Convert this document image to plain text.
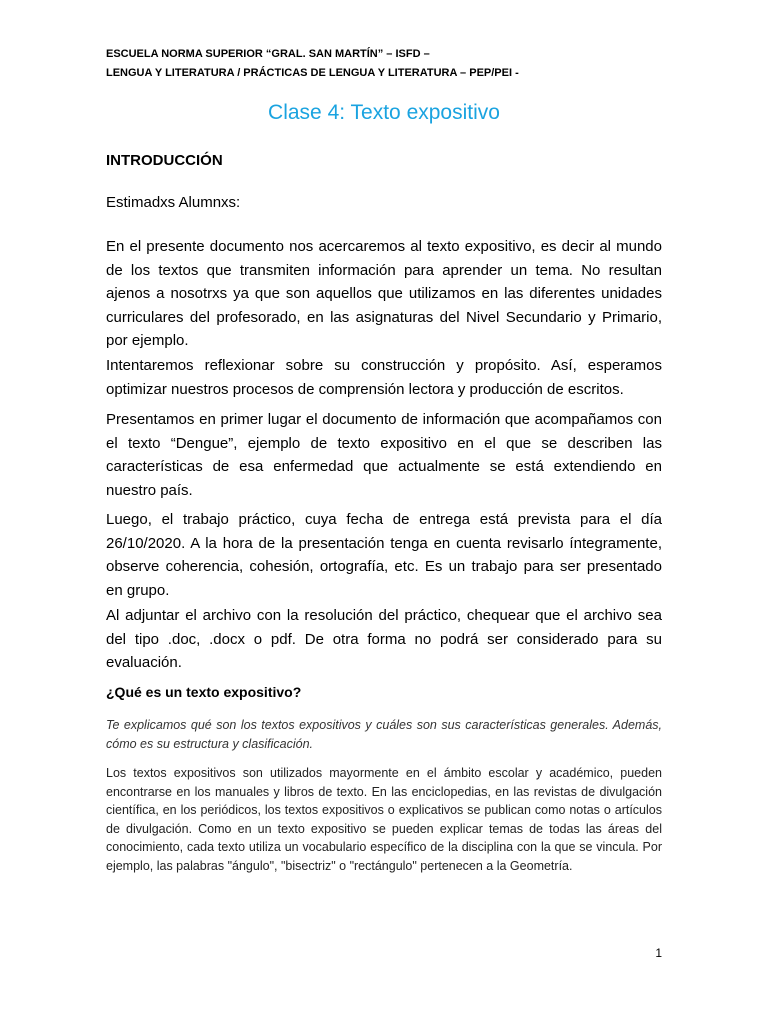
ESCUELA NORMA SUPERIOR “GRAL. SAN MARTÍN” – ISFD –
LENGUA Y LITERATURA / PRÁCTICAS DE LENGUA Y LITERATURA – PEP/PEI -
Clase 4: Texto expositivo
INTRODUCCIÓN
Estimadxs Alumnxs:

En el presente documento nos acercaremos al texto expositivo, es decir al mundo de los textos que transmiten información para aprender un tema. No resultan ajenos a nosotrxs ya que son aquellos que utilizamos en las diferentes unidades curriculares del profesorado, en las asignaturas del Nivel Secundario y Primario, por ejemplo.

Intentaremos reflexionar sobre su construcción y propósito. Así, esperamos optimizar nuestros procesos de comprensión lectora y producción de escritos.

Presentamos en primer lugar el documento de información que acompañamos con el texto “Dengue”, ejemplo de texto expositivo en el que se describen las características de esa enfermedad que actualmente se está extendiendo en nuestro país.

Luego, el trabajo práctico, cuya fecha de entrega está prevista para el día 26/10/2020. A la hora de la presentación tenga en cuenta revisarlo íntegramente, observe coherencia, cohesión, ortografía, etc. Es un trabajo para ser presentado en grupo.

Al adjuntar el archivo con la resolución del práctico, chequear que el archivo sea del tipo .doc, .docx o pdf. De otra forma no podrá ser considerado para su evaluación.

¿Qué es un texto expositivo?

Te explicamos qué son los textos expositivos y cuáles son sus características generales. Además, cómo es su estructura y clasificación.

Los textos expositivos son utilizados mayormente en el ámbito escolar y académico, pueden encontrarse en los manuales y libros de texto. En las enciclopedias, en las revistas de divulgación científica, en los periódicos, los textos expositivos o explicativos se publican como notas o artículos de divulgación. Como en un texto expositivo se pueden explicar temas de todas las áreas del conocimiento, cada texto utiliza un vocabulario específico de la disciplina con la que se vincula. Por ejemplo, las palabras "ángulo", "bisectriz" o "rectángulo" pertenecen a la Geometría.

1
